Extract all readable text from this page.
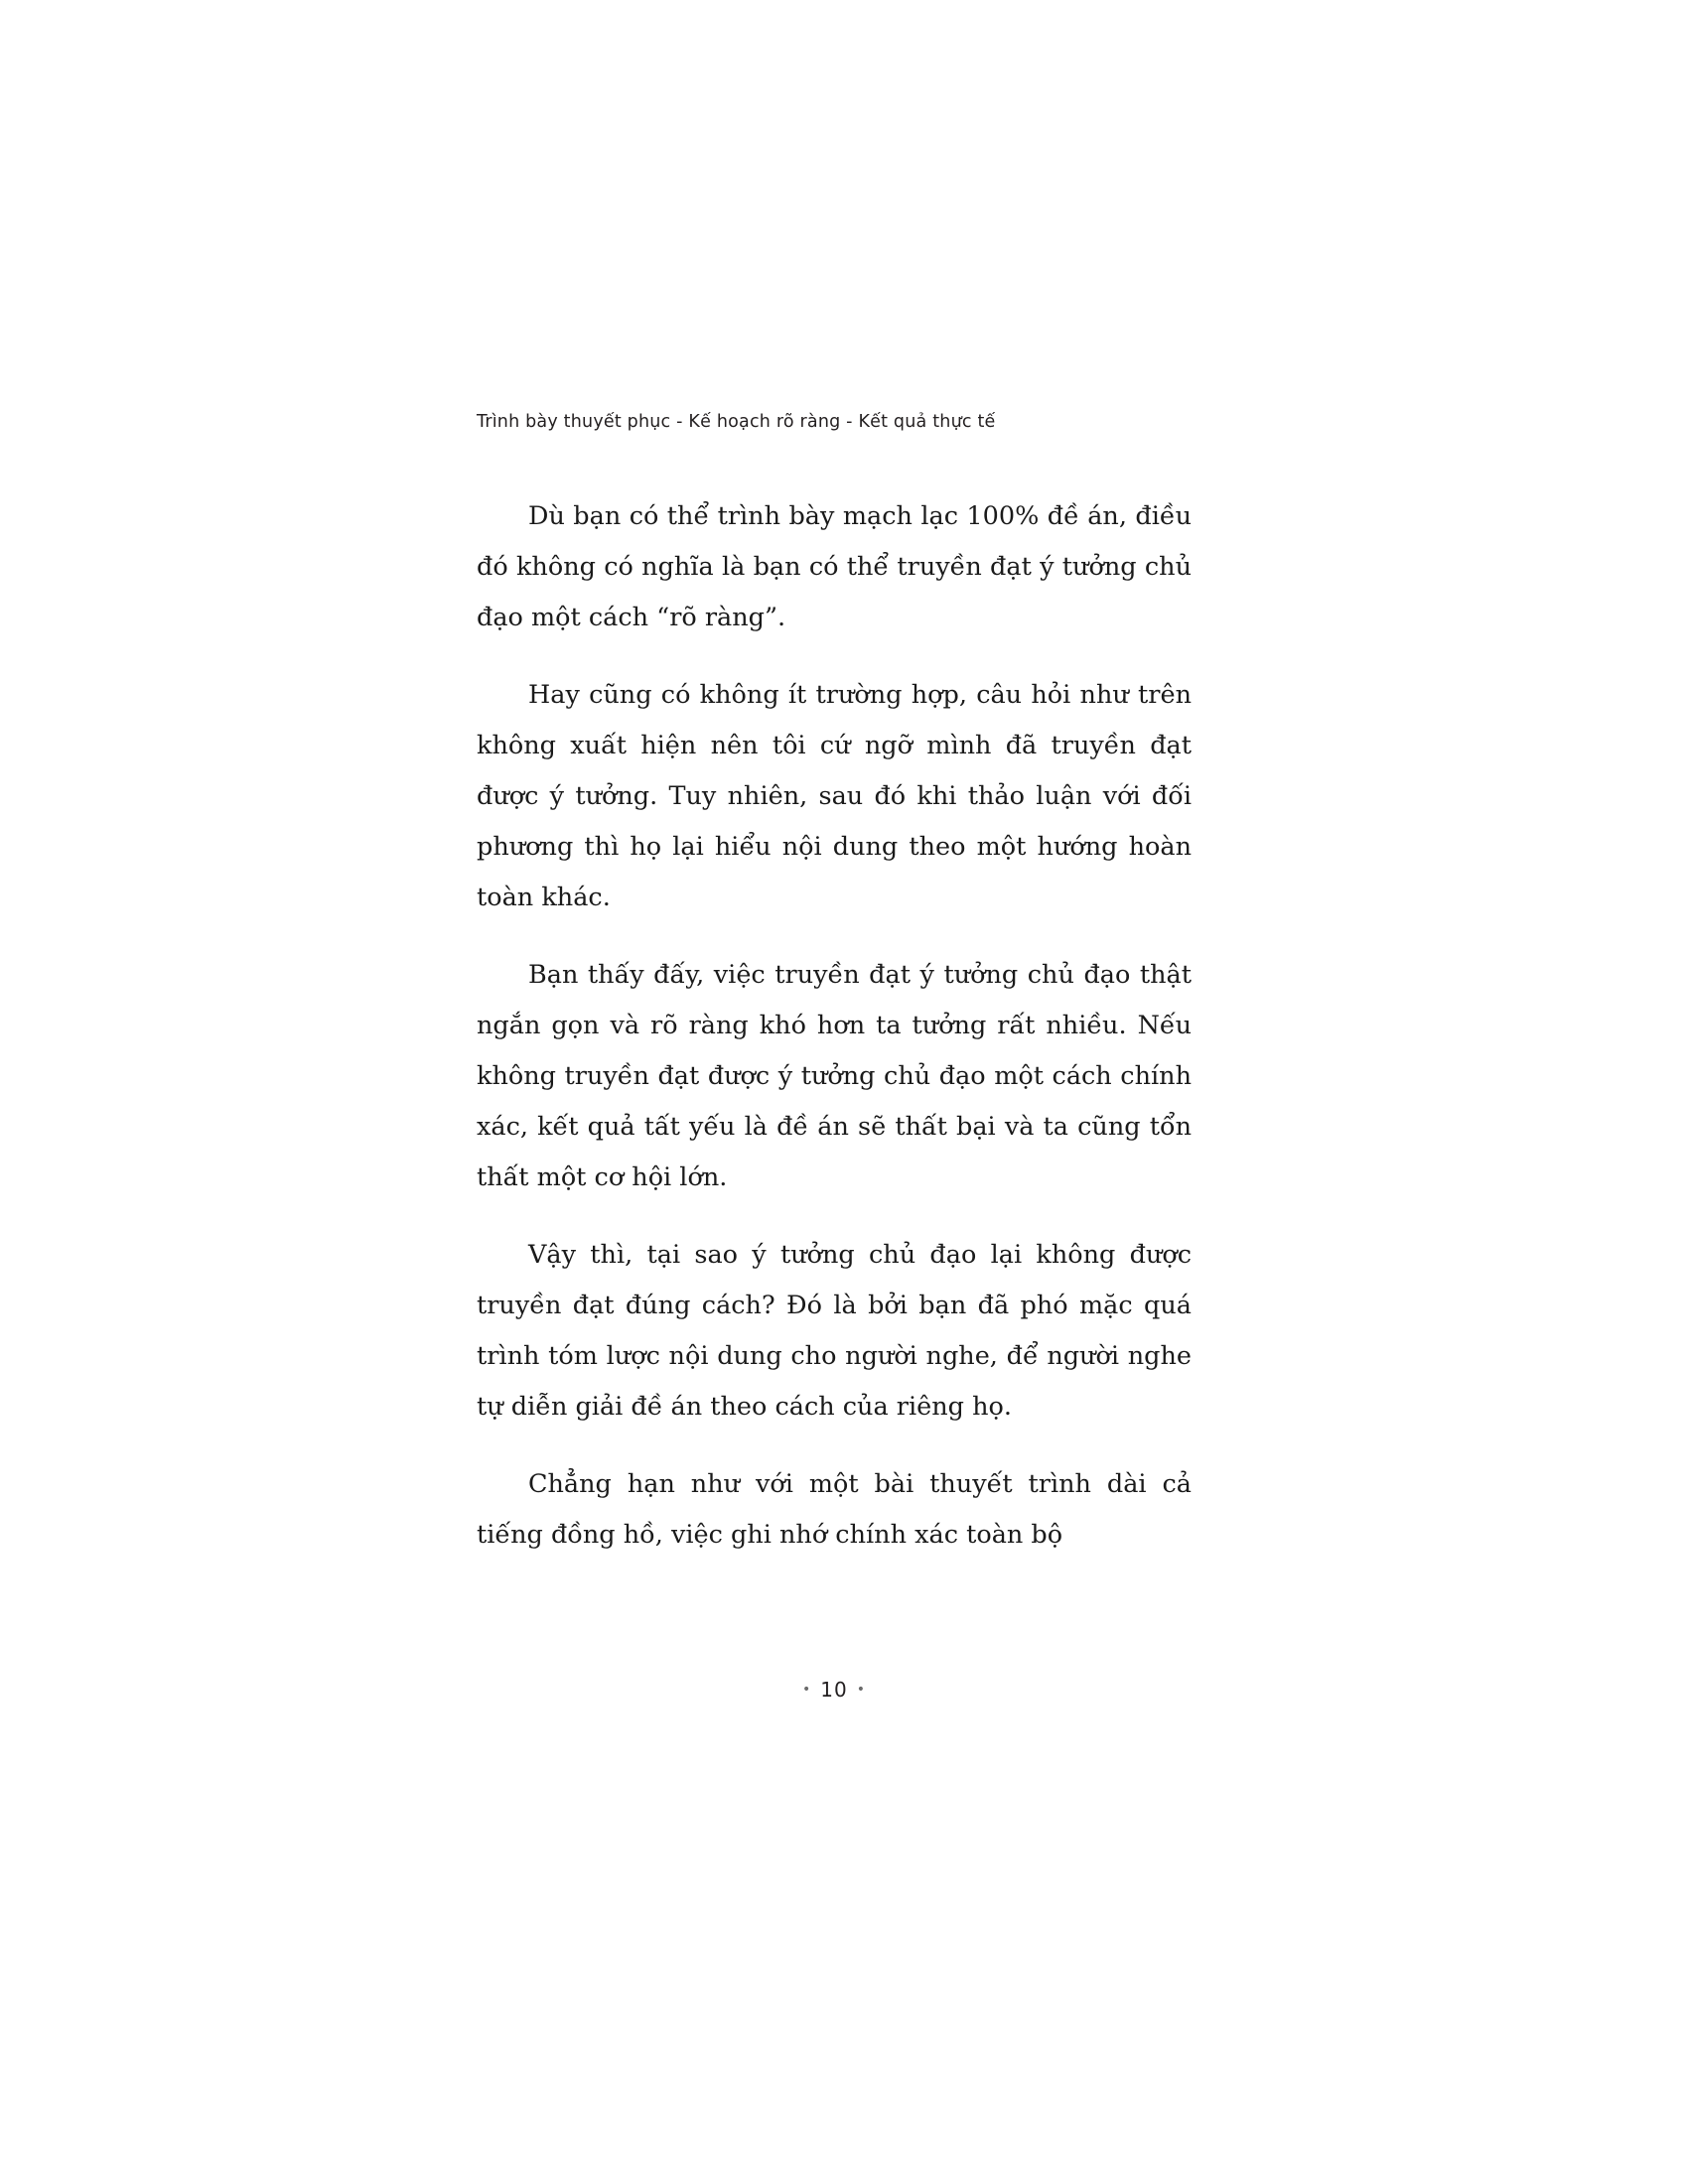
Trình bày thuyết phục - Kế hoạch rõ ràng - Kết quả thực tế

Dù bạn có thể trình bày mạch lạc 100% đề án, điều đó không có nghĩa là bạn có thể truyền đạt ý tưởng chủ đạo một cách “rõ ràng”.

Hay cũng có không ít trường hợp, câu hỏi như trên không xuất hiện nên tôi cứ ngỡ mình đã truyền đạt được ý tưởng. Tuy nhiên, sau đó khi thảo luận với đối phương thì họ lại hiểu nội dung theo một hướng hoàn toàn khác.

Bạn thấy đấy, việc truyền đạt ý tưởng chủ đạo thật ngắn gọn và rõ ràng khó hơn ta tưởng rất nhiều. Nếu không truyền đạt được ý tưởng chủ đạo một cách chính xác, kết quả tất yếu là đề án sẽ thất bại và ta cũng tổn thất một cơ hội lớn.

Vậy thì, tại sao ý tưởng chủ đạo lại không được truyền đạt đúng cách? Đó là bởi bạn đã phó mặc quá trình tóm lược nội dung cho người nghe, để người nghe tự diễn giải đề án theo cách của riêng họ.

Chẳng hạn như với một bài thuyết trình dài cả tiếng đồng hồ, việc ghi nhớ chính xác toàn bộ

• 10 •
